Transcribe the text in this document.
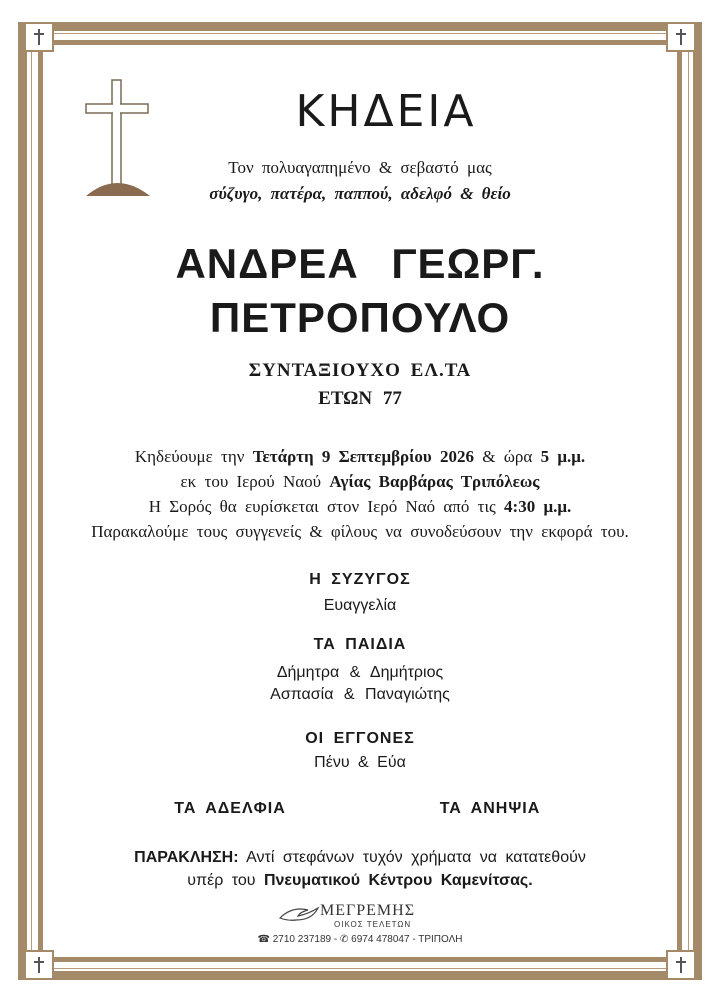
ΚΗΔΕΙΑ
Τον πολυαγαπημένο & σεβαστό μας
σύζυγο, πατέρα, παππού, αδελφό & θείο
ΑΝΔΡΕΑ ΓΕΩΡΓ.
ΠΕΤΡΟΠΟΥΛΟ
ΣΥΝΤΑΞΙΟΥΧΟ ΕΛ.ΤΑ
ΕΤΩΝ 77
Κηδεύουμε την Τετάρτη 9 Σεπτεμβρίου 2026 & ώρα 5 μ.μ.
εκ του Ιερού Ναού Αγίας Βαρβάρας Τριπόλεως
Η Σορός θα ευρίσκεται στον Ιερό Ναό από τις 4:30 μ.μ.
Παρακαλούμε τους συγγενείς & φίλους να συνοδεύσουν την εκφορά του.
Η ΣΥΖΥΓΟΣ
Ευαγγελία
ΤΑ ΠΑΙΔΙΑ
Δήμητρα & Δημήτριος
Ασπασία & Παναγιώτης
ΟΙ ΕΓΓΟΝΕΣ
Πένυ & Εύα
ΤΑ ΑΔΕΛΦΙΑ	ΤΑ ΑΝΗΨΙΑ
ΠΑΡΑΚΛΗΣΗ: Αντί στεφάνων τυχόν χρήματα να κατατεθούν
υπέρ του Πνευματικού Κέντρου Καμενίτσας.
ΜΕΓΡΕΜΗΣ
ΟΙΚΟΣ ΤΕΛΕΤΩΝ
☎ 2710 237189 - ✆ 6974 478047 - ΤΡΙΠΟΛΗ
